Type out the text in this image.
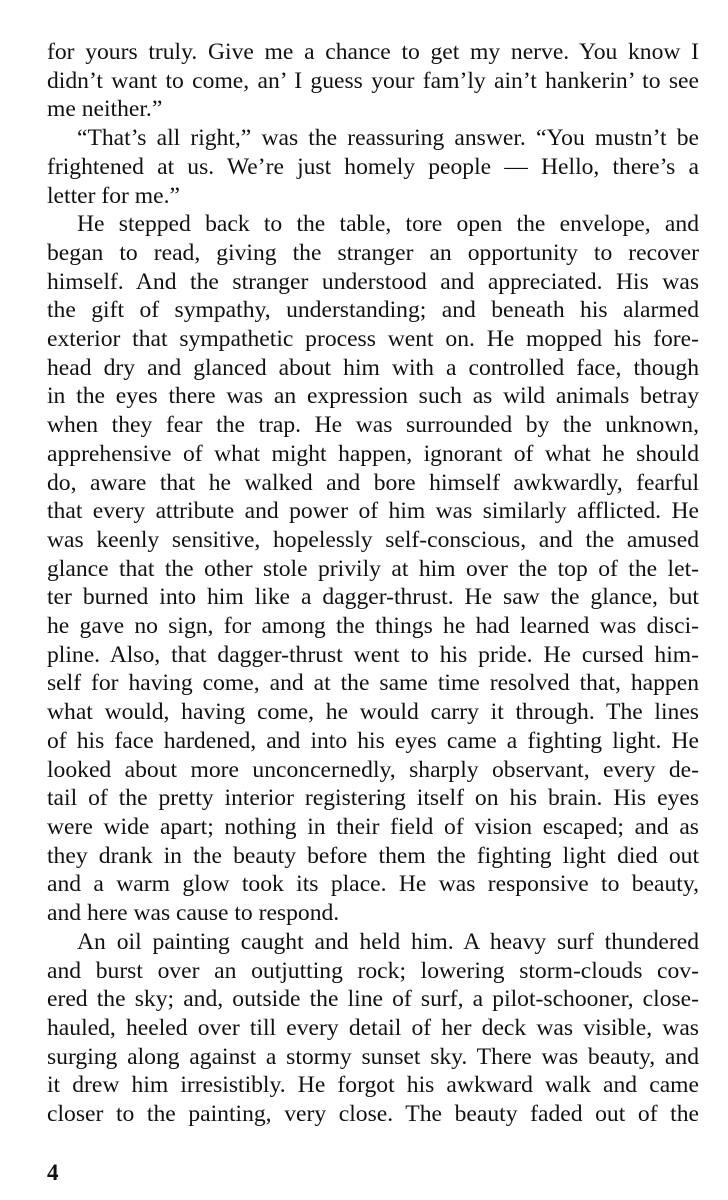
for yours truly. Give me a chance to get my nerve. You know I
didn’t want to come, an’ I guess your fam’ly ain’t hankerin’ to see
me neither.”

“That’s all right,” was the reassuring answer. “You mustn’t be
frightened at us. We’re just homely people — Hello, there’s a
letter for me.”

He stepped back to the table, tore open the envelope, and
began to read, giving the stranger an opportunity to recover
himself. And the stranger understood and appreciated. His was
the gift of sympathy, understanding; and beneath his alarmed
exterior that sympathetic process went on. He mopped his fore-
head dry and glanced about him with a controlled face, though
in the eyes there was an expression such as wild animals betray
when they fear the trap. He was surrounded by the unknown,
apprehensive of what might happen, ignorant of what he should
do, aware that he walked and bore himself awkwardly, fearful
that every attribute and power of him was similarly afflicted. He
was keenly sensitive, hopelessly self-conscious, and the amused
glance that the other stole privily at him over the top of the let-
ter burned into him like a dagger-thrust. He saw the glance, but
he gave no sign, for among the things he had learned was disci-
pline. Also, that dagger-thrust went to his pride. He cursed him-
self for having come, and at the same time resolved that, happen
what would, having come, he would carry it through. The lines
of his face hardened, and into his eyes came a fighting light. He
looked about more unconcernedly, sharply observant, every de-
tail of the pretty interior registering itself on his brain. His eyes
were wide apart; nothing in their field of vision escaped; and as
they drank in the beauty before them the fighting light died out
and a warm glow took its place. He was responsive to beauty,
and here was cause to respond.

An oil painting caught and held him. A heavy surf thundered
and burst over an outjutting rock; lowering storm-clouds cov-
ered the sky; and, outside the line of surf, a pilot-schooner, close-
hauled, heeled over till every detail of her deck was visible, was
surging along against a stormy sunset sky. There was beauty, and
it drew him irresistibly. He forgot his awkward walk and came
closer to the painting, very close. The beauty faded out of the

4
